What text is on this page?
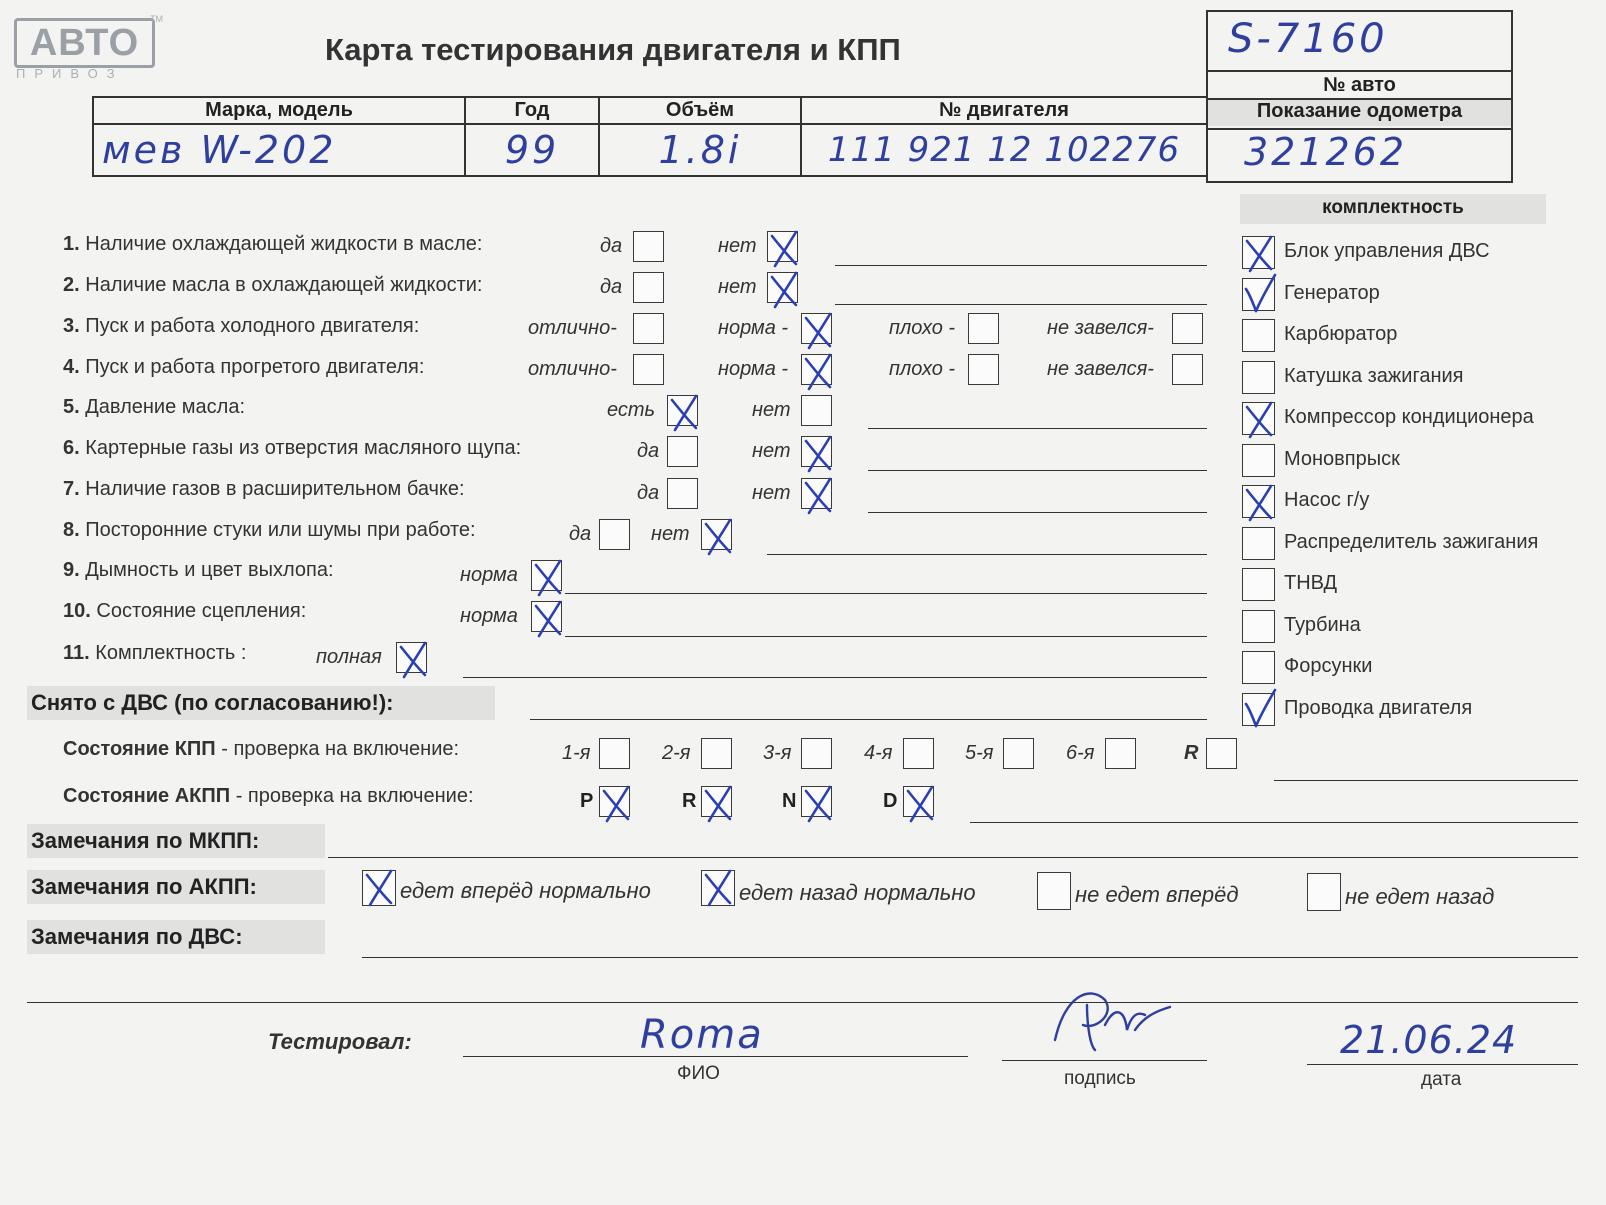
АВТО
ПРИВОЗ
TM
Карта тестирования двигателя и КПП	S-7160
№ авто
Показание одометра
321262
Марка, модель	Год	Объём	№ двигателя
мев W-202	99	1.8i	111 921 12 102276
комплектность
1. Наличие охлаждающей жидкости в масле:	да	нет
2. Наличие масла в охлаждающей жидкости:	да	нет
3. Пуск и работа холодного двигателя:	отлично-	норма -	плохо -	не завелся-
4. Пуск и работа прогретого двигателя:	отлично-	норма -	плохо -	не завелся-
5. Давление масла:	есть	нет
6. Картерные газы из отверстия масляного щупа:	да	нет
7. Наличие газов в расширительном бачке:	да	нет
8. Посторонние стуки или шумы при работе:	да	нет
9. Дымность и цвет выхлопа:	норма
10. Состояние сцепления:	норма
11. Комплектность :	полная
Снято с ДВС (по согласованию!):
Состояние КПП - проверка на включение:	1-я	2-я	3-я	4-я	5-я	6-я	R
Состояние АКПП - проверка на включение:	P	R	N	D
Замечания по МКПП:
Замечания по АКПП:	едет вперёд нормально	едет назад нормально	не едет вперёд	не едет назад
Замечания по ДВС:
Тестировал:	Roma
ФИО	подпись
21.06.24
дата
Блок управления ДВС
Генератор
Карбюратор
Катушка зажигания
Компрессор кондиционера
Моновпрыск
Насос г/у
Распределитель зажигания
ТНВД
Турбина
Форсунки
Проводка двигателя
